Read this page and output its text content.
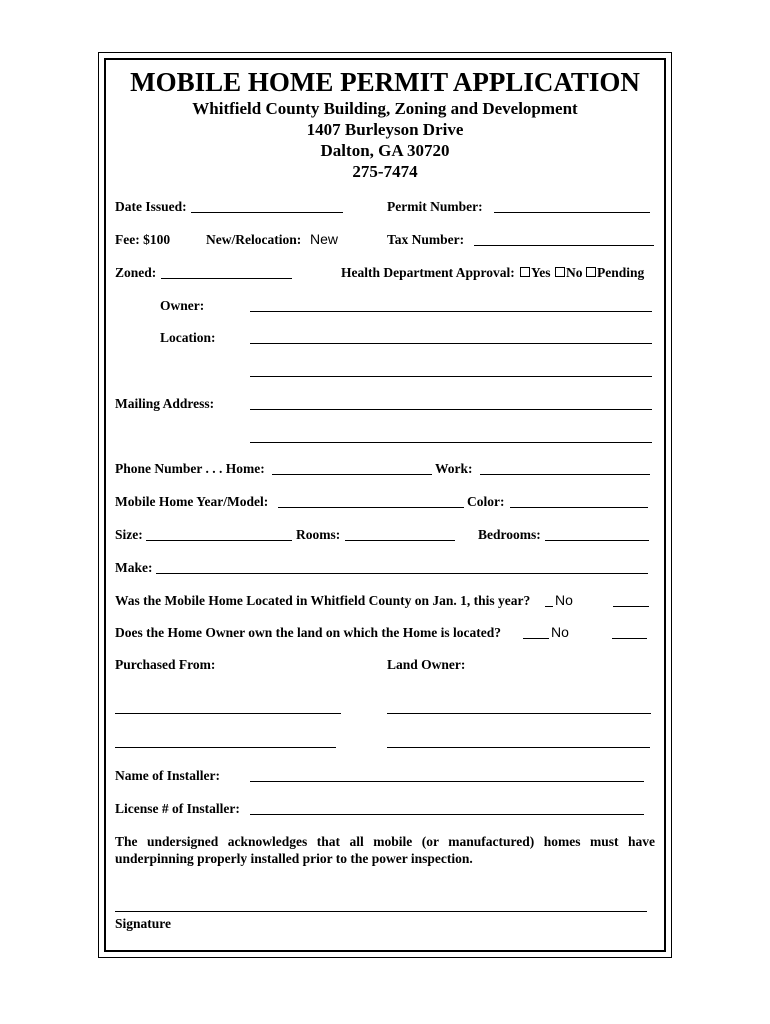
MOBILE HOME PERMIT APPLICATION
Whitfield County Building, Zoning and Development
1407 Burleyson Drive
Dalton, GA 30720
275-7474
Date Issued:	Permit Number:
Fee: $100	New/Relocation: New	Tax Number:
Zoned:	Health Department Approval: Yes No Pending
Owner:
Location:
Mailing Address:
Phone Number . . . Home:	Work:
Mobile Home Year/Model:	Color:
Size:	Rooms:	Bedrooms:
Make:
Was the Mobile Home Located in Whitfield County on Jan. 1, this year? No
Does the Home Owner own the land on which the Home is located?	No
Purchased From:	Land Owner:
Name of Installer:
License # of Installer:
The undersigned acknowledges that all mobile (or manufactured) homes must have underpinning properly installed prior to the power inspection.
Signature
